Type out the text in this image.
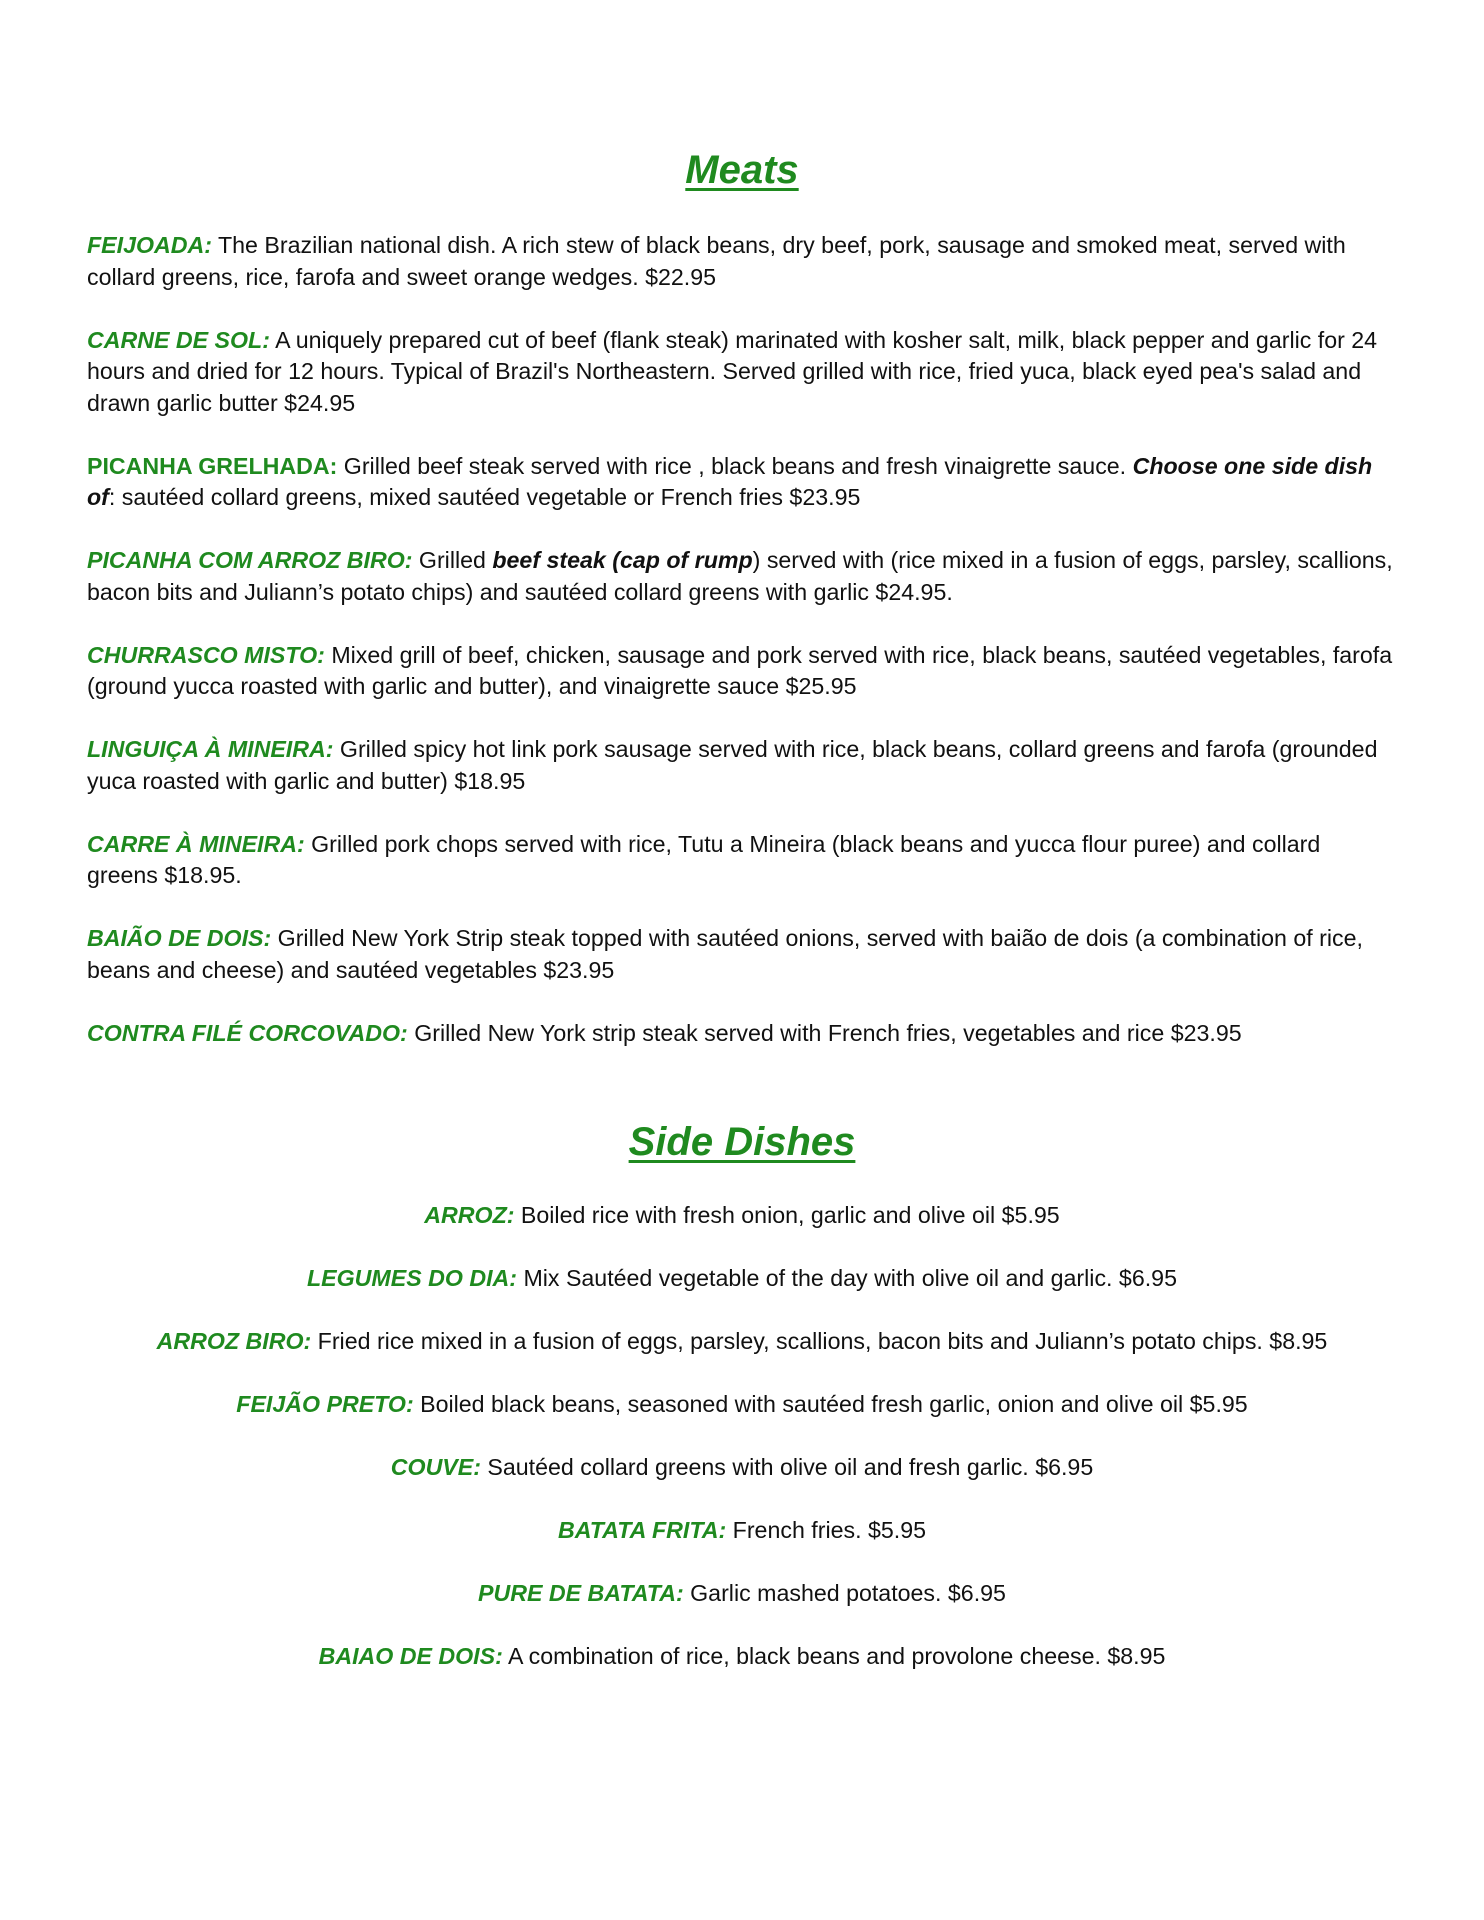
Meats

FEIJOADA: The Brazilian national dish. A rich stew of black beans, dry beef, pork, sausage and smoked meat, served with collard greens, rice, farofa and sweet orange wedges. $22.95

CARNE DE SOL: A uniquely prepared cut of beef (flank steak) marinated with kosher salt, milk, black pepper and garlic for 24 hours and dried for 12 hours. Typical of Brazil's Northeastern. Served grilled with rice, fried yuca, black eyed pea's salad and drawn garlic butter $24.95

PICANHA GRELHADA: Grilled beef steak served with rice , black beans and fresh vinaigrette sauce. Choose one side dish of: sautéed collard greens, mixed sautéed vegetable or French fries $23.95

PICANHA COM ARROZ BIRO: Grilled beef steak (cap of rump) served with (rice mixed in a fusion of eggs, parsley, scallions, bacon bits and Juliann’s potato chips) and sautéed collard greens with garlic $24.95.

CHURRASCO MISTO: Mixed grill of beef, chicken, sausage and pork served with rice, black beans, sautéed vegetables, farofa (ground yucca roasted with garlic and butter), and vinaigrette sauce $25.95

LINGUIÇA À MINEIRA: Grilled spicy hot link pork sausage served with rice, black beans, collard greens and farofa (grounded yuca roasted with garlic and butter) $18.95

CARRE À MINEIRA: Grilled pork chops served with rice, Tutu a Mineira (black beans and yucca flour puree) and collard greens $18.95.

BAIÃO DE DOIS: Grilled New York Strip steak topped with sautéed onions, served with baião de dois (a combination of rice, beans and cheese) and sautéed vegetables $23.95

CONTRA FILÉ CORCOVADO: Grilled New York strip steak served with French fries, vegetables and rice $23.95

Side Dishes

ARROZ: Boiled rice with fresh onion, garlic and olive oil $5.95

LEGUMES DO DIA: Mix Sautéed vegetable of the day with olive oil and garlic. $6.95

ARROZ BIRO: Fried rice mixed in a fusion of eggs, parsley, scallions, bacon bits and Juliann’s potato chips. $8.95

FEIJÃO PRETO: Boiled black beans, seasoned with sautéed fresh garlic, onion and olive oil $5.95

COUVE: Sautéed collard greens with olive oil and fresh garlic. $6.95

BATATA FRITA: French fries. $5.95

PURE DE BATATA: Garlic mashed potatoes. $6.95

BAIAO DE DOIS: A combination of rice, black beans and provolone cheese. $8.95
